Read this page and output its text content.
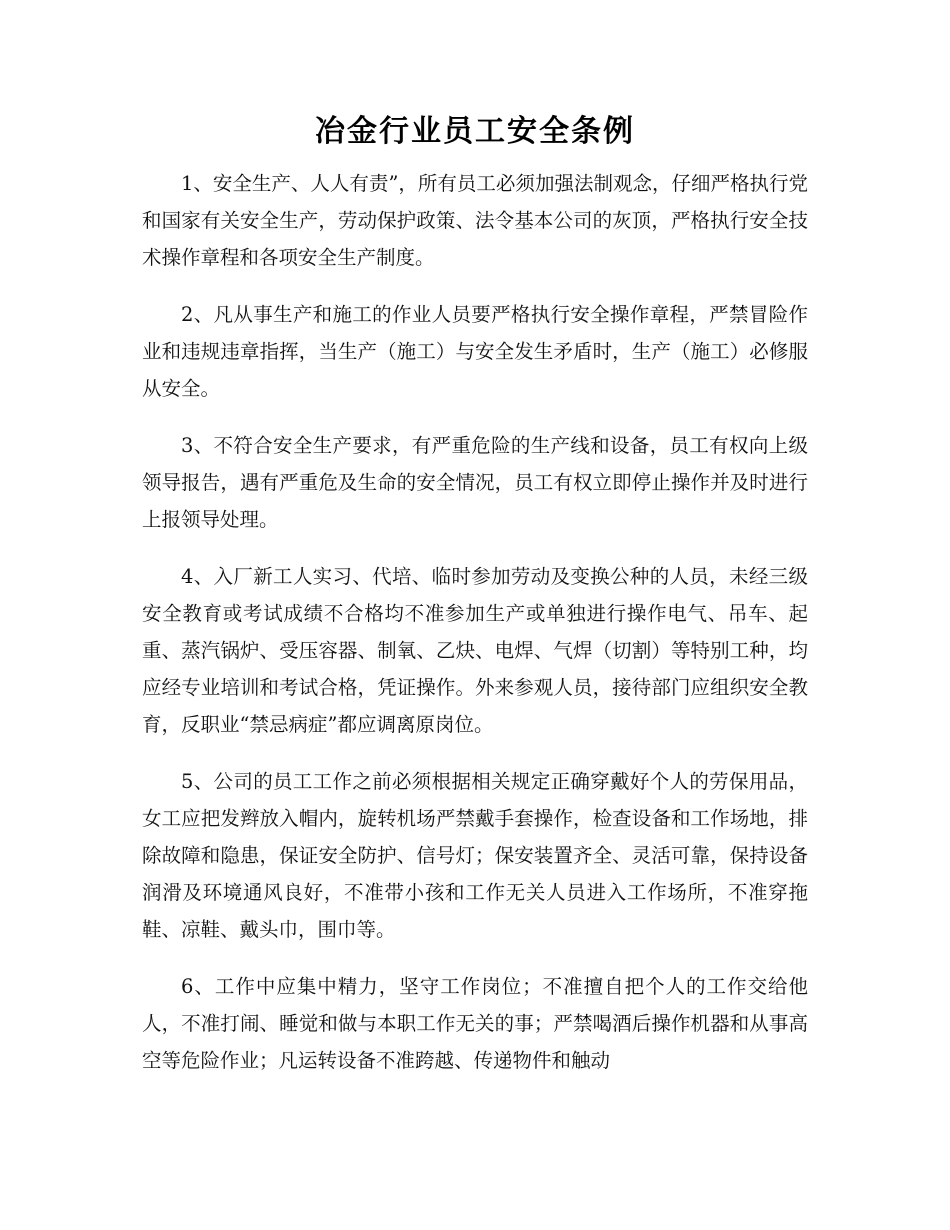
冶金行业员工安全条例

1、安全生产、人人有责”，所有员工必须加强法制观念，仔细严格执行党和国家有关安全生产，劳动保护政策、法令基本公司的灰顶，严格执行安全技术操作章程和各项安全生产制度。

2、凡从事生产和施工的作业人员要严格执行安全操作章程，严禁冒险作业和违规违章指挥，当生产（施工）与安全发生矛盾时，生产（施工）必修服从安全。

3、不符合安全生产要求，有严重危险的生产线和设备，员工有权向上级领导报告，遇有严重危及生命的安全情况，员工有权立即停止操作并及时进行上报领导处理。

4、入厂新工人实习、代培、临时参加劳动及变换公种的人员，未经三级安全教育或考试成绩不合格均不准参加生产或单独进行操作电气、吊车、起重、蒸汽锅炉、受压容器、制氧、乙炔、电焊、气焊（切割）等特别工种，均应经专业培训和考试合格，凭证操作。外来参观人员，接待部门应组织安全教育，反职业“禁忌病症”都应调离原岗位。

5、公司的员工工作之前必须根据相关规定正确穿戴好个人的劳保用品，女工应把发辫放入帽内，旋转机场严禁戴手套操作，检查设备和工作场地，排除故障和隐患，保证安全防护、信号灯；保安装置齐全、灵活可靠，保持设备润滑及环境通风良好，不准带小孩和工作无关人员进入工作场所，不准穿拖鞋、凉鞋、戴头巾，围巾等。

6、工作中应集中精力，坚守工作岗位；不准擅自把个人的工作交给他人，不准打闹、睡觉和做与本职工作无关的事；严禁喝酒后操作机器和从事高空等危险作业；凡运转设备不准跨越、传递物件和触动
